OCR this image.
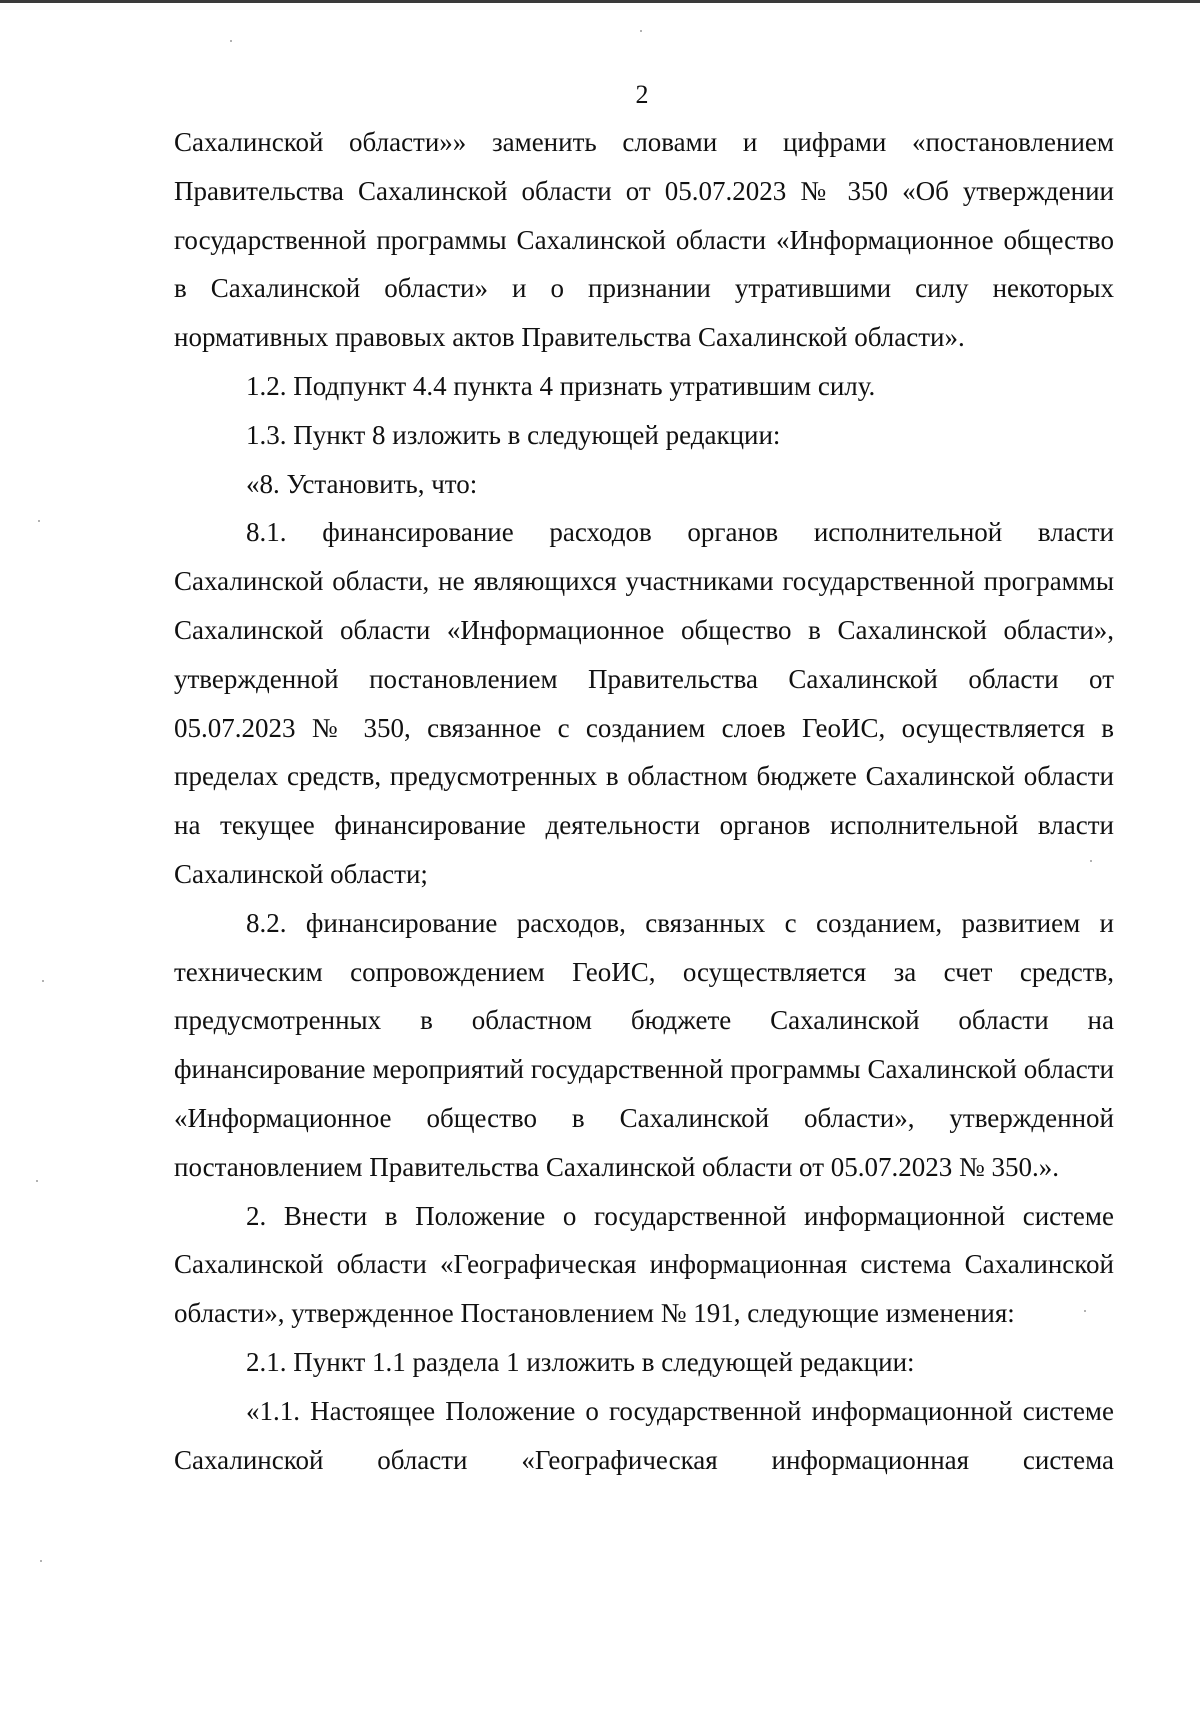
2

Сахалинской области»» заменить словами и цифрами «постановлением Правительства Сахалинской области от 05.07.2023 № 350 «Об утверждении государственной программы Сахалинской области «Информационное общество в Сахалинской области» и о признании утратившими силу некоторых нормативных правовых актов Правительства Сахалинской области».

1.2. Подпункт 4.4 пункта 4 признать утратившим силу.

1.3. Пункт 8 изложить в следующей редакции:

«8. Установить, что:

8.1. финансирование расходов органов исполнительной власти Сахалинской области, не являющихся участниками государственной программы Сахалинской области «Информационное общество в Сахалинской области», утвержденной постановлением Правительства Сахалинской области от 05.07.2023 № 350, связанное с созданием слоев ГеоИС, осуществляется в пределах средств, предусмотренных в областном бюджете Сахалинской области на текущее финансирование деятельности органов исполнительной власти Сахалинской области;

8.2. финансирование расходов, связанных с созданием, развитием и техническим сопровождением ГеоИС, осуществляется за счет средств, предусмотренных в областном бюджете Сахалинской области на финансирование мероприятий государственной программы Сахалинской области «Информационное общество в Сахалинской области», утвержденной постановлением Правительства Сахалинской области от 05.07.2023 № 350.».

2. Внести в Положение о государственной информационной системе Сахалинской области «Географическая информационная система Сахалинской области», утвержденное Постановлением № 191, следующие изменения:

2.1. Пункт 1.1 раздела 1 изложить в следующей редакции:

«1.1. Настоящее Положение о государственной информационной системе Сахалинской области «Географическая информационная система
